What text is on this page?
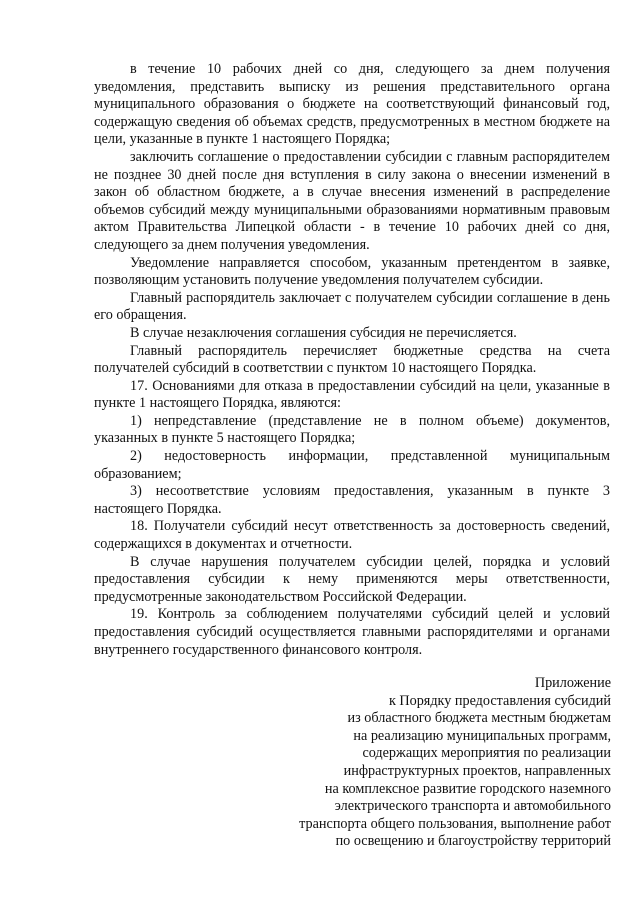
в течение 10 рабочих дней со дня, следующего за днем получения уведомления, представить выписку из решения представительного органа муниципального образования о бюджете на соответствующий финансовый год, содержащую сведения об объемах средств, предусмотренных в местном бюджете на цели, указанные в пункте 1 настоящего Порядка;

заключить соглашение о предоставлении субсидии с главным распорядителем не позднее 30 дней после дня вступления в силу закона о внесении изменений в закон об областном бюджете, а в случае внесения изменений в распределение объемов субсидий между муниципальными образованиями нормативным правовым актом Правительства Липецкой области - в течение 10 рабочих дней со дня, следующего за днем получения уведомления.

Уведомление направляется способом, указанным претендентом в заявке, позволяющим установить получение уведомления получателем субсидии.

Главный распорядитель заключает с получателем субсидии соглашение в день его обращения.

В случае незаключения соглашения субсидия не перечисляется.

Главный распорядитель перечисляет бюджетные средства на счета получателей субсидий в соответствии с пунктом 10 настоящего Порядка.

17. Основаниями для отказа в предоставлении субсидий на цели, указанные в пункте 1 настоящего Порядка, являются:

1) непредставление (представление не в полном объеме) документов, указанных в пункте 5 настоящего Порядка;

2) недостоверность информации, представленной муниципальным образованием;

3) несоответствие условиям предоставления, указанным в пункте 3 настоящего Порядка.

18. Получатели субсидий несут ответственность за достоверность сведений, содержащихся в документах и отчетности.

В случае нарушения получателем субсидии целей, порядка и условий предоставления субсидии к нему применяются меры ответственности, предусмотренные законодательством Российской Федерации.

19. Контроль за соблюдением получателями субсидий целей и условий предоставления субсидий осуществляется главными распорядителями и органами внутреннего государственного финансового контроля.

Приложение
к Порядку предоставления субсидий
из областного бюджета местным бюджетам
на реализацию муниципальных программ,
содержащих мероприятия по реализации
инфраструктурных проектов, направленных
на комплексное развитие городского наземного
электрического транспорта и автомобильного
транспорта общего пользования, выполнение работ
по освещению и благоустройству территорий
